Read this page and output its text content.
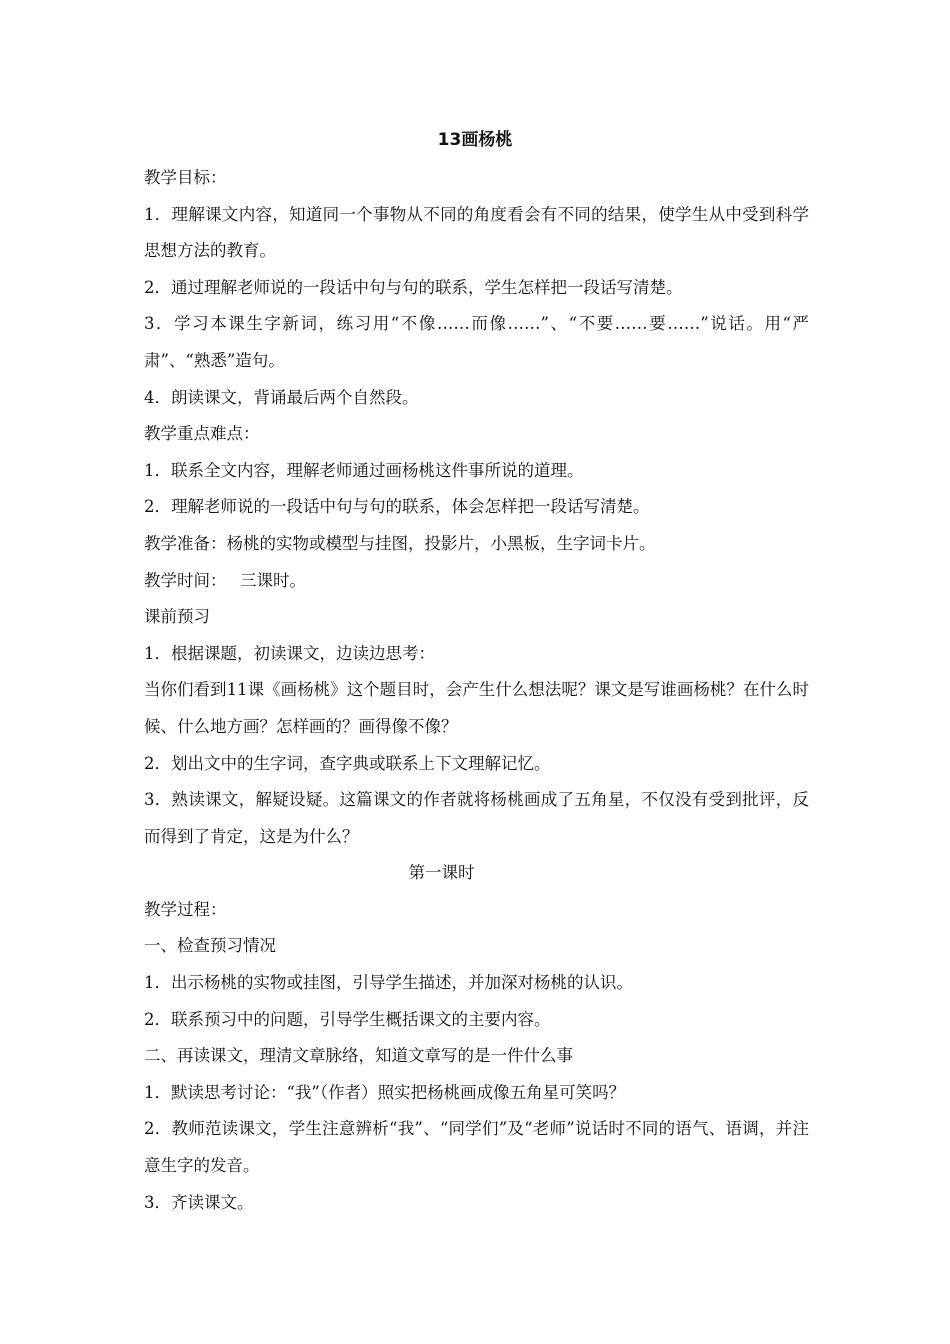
13画杨桃

教学目标：

1．理解课文内容，知道同一个事物从不同的角度看会有不同的结果，使学生从中受到科学思想方法的教育。

2．通过理解老师说的一段话中句与句的联系，学生怎样把一段话写清楚。

3．学习本课生字新词，练习用“不像……而像……”、“不要……要……”说话。用“严肃”、“熟悉”造句。

4．朗读课文，背诵最后两个自然段。

教学重点难点：

1．联系全文内容，理解老师通过画杨桃这件事所说的道理。

2．理解老师说的一段话中句与句的联系，体会怎样把一段话写清楚。

教学准备：杨桃的实物或模型与挂图，投影片，小黑板，生字词卡片。

教学时间：　 三课时。

课前预习

1．根据课题，初读课文，边读边思考：

当你们看到11课《画杨桃》这个题目时，会产生什么想法呢？课文是写谁画杨桃？在什么时候、什么地方画？怎样画的？画得像不像？

2．划出文中的生字词，查字典或联系上下文理解记忆。

3．熟读课文，解疑设疑。这篇课文的作者就将杨桃画成了五角星，不仅没有受到批评，反而得到了肯定，这是为什么？

第一课时

教学过程：

一、检查预习情况

1．出示杨桃的实物或挂图，引导学生描述，并加深对杨桃的认识。

2．联系预习中的问题，引导学生概括课文的主要内容。

二、再读课文，理清文章脉络，知道文章写的是一件什么事

1．默读思考讨论：“我”（作者）照实把杨桃画成像五角星可笑吗？

2．教师范读课文，学生注意辨析“我”、“同学们”及“老师”说话时不同的语气、语调，并注意生字的发音。

3．齐读课文。
